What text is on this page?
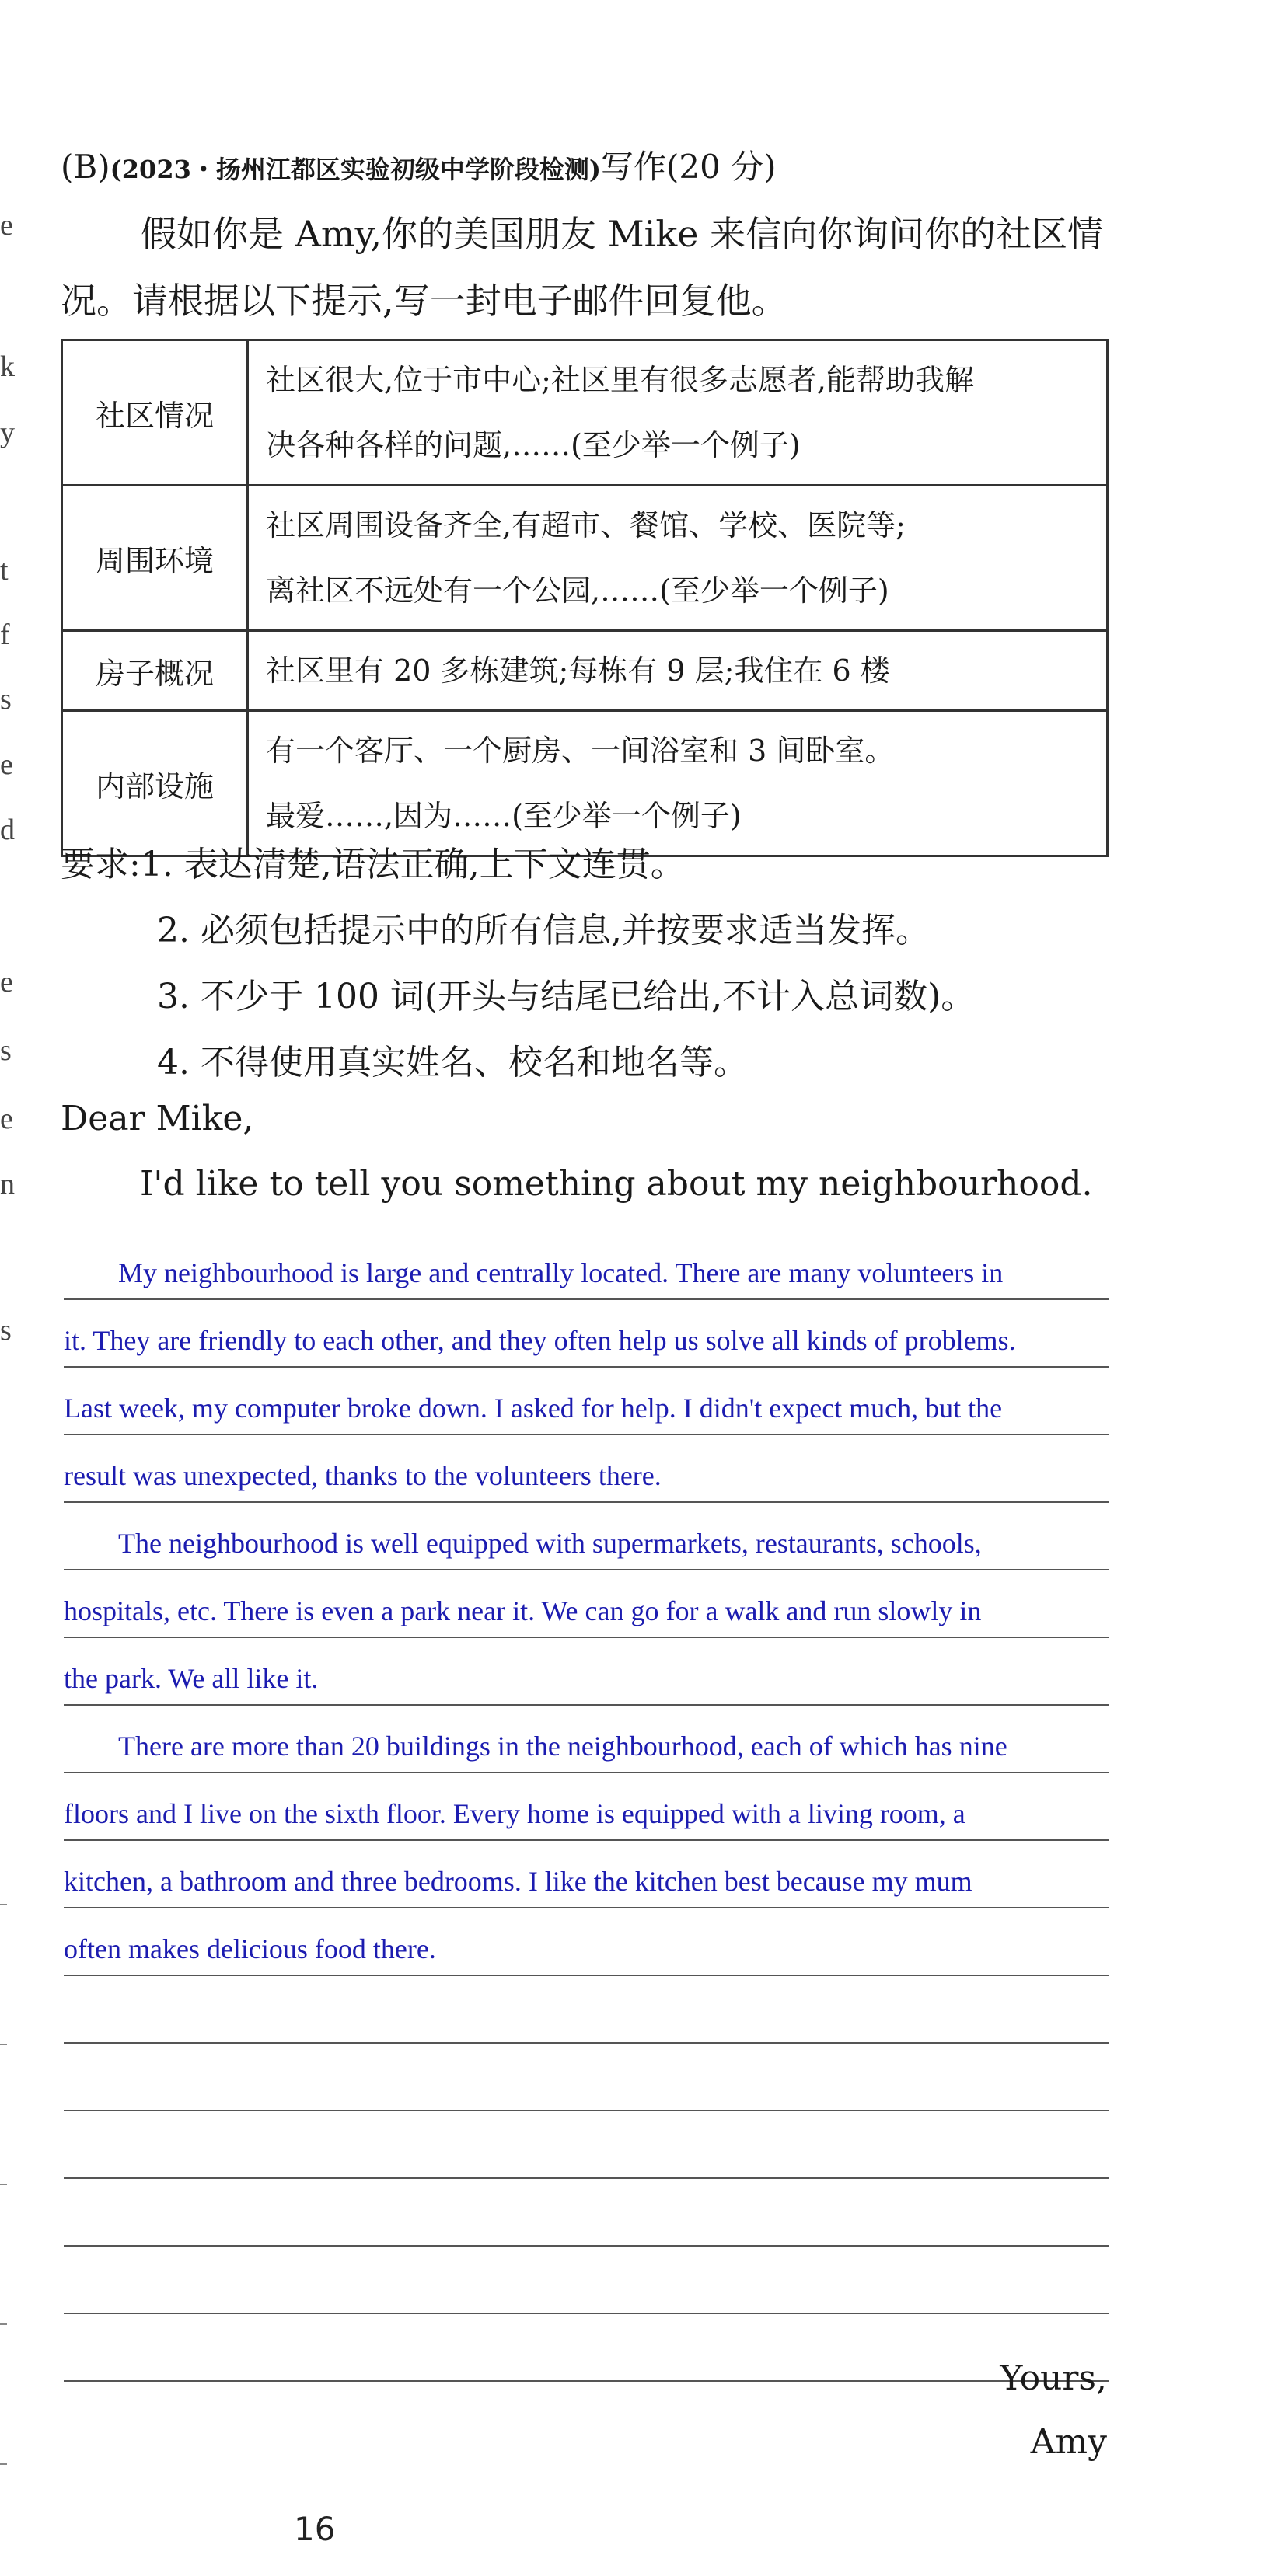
e
k
y
t
f
s
e
d
e
s
e
n
s
(B)(2023・扬州江都区实验初级中学阶段检测)写作(20 分)
假如你是 Amy,你的美国朋友 Mike 来信向你询问你的社区情况。请根据以下提示,写一封电子邮件回复他。
社区情况	社区很大,位于市中心;社区里有很多志愿者,能帮助我解
决各种各样的问题,……(至少举一个例子)

周围环境	社区周围设备齐全,有超市、餐馆、学校、医院等;
离社区不远处有一个公园,……(至少举一个例子)

房子概况	社区里有 20 多栋建筑;每栋有 9 层;我住在 6 楼

内部设施	有一个客厅、一个厨房、一间浴室和 3 间卧室。
最爱……,因为……(至少举一个例子)
要求:1. 表达清楚,语法正确,上下文连贯。
2. 必须包括提示中的所有信息,并按要求适当发挥。
3. 不少于 100 词(开头与结尾已给出,不计入总词数)。
4. 不得使用真实姓名、校名和地名等。
Dear Mike,
I'd like to tell you something about my neighbourhood.
My neighbourhood is large and centrally located. There are many volunteers in
it. They are friendly to each other, and they often help us solve all kinds of problems.
Last week, my computer broke down. I asked for help. I didn't expect much, but the
result was unexpected, thanks to the volunteers there.
The neighbourhood is well equipped with supermarkets, restaurants, schools,
hospitals, etc. There is even a park near it. We can go for a walk and run slowly in
the park. We all like it.
There are more than 20 buildings in the neighbourhood, each of which has nine
floors and I live on the sixth floor. Every home is equipped with a living room, a
kitchen, a bathroom and three bedrooms. I like the kitchen best because my mum
often makes delicious food there.
Yours,
Amy
16
